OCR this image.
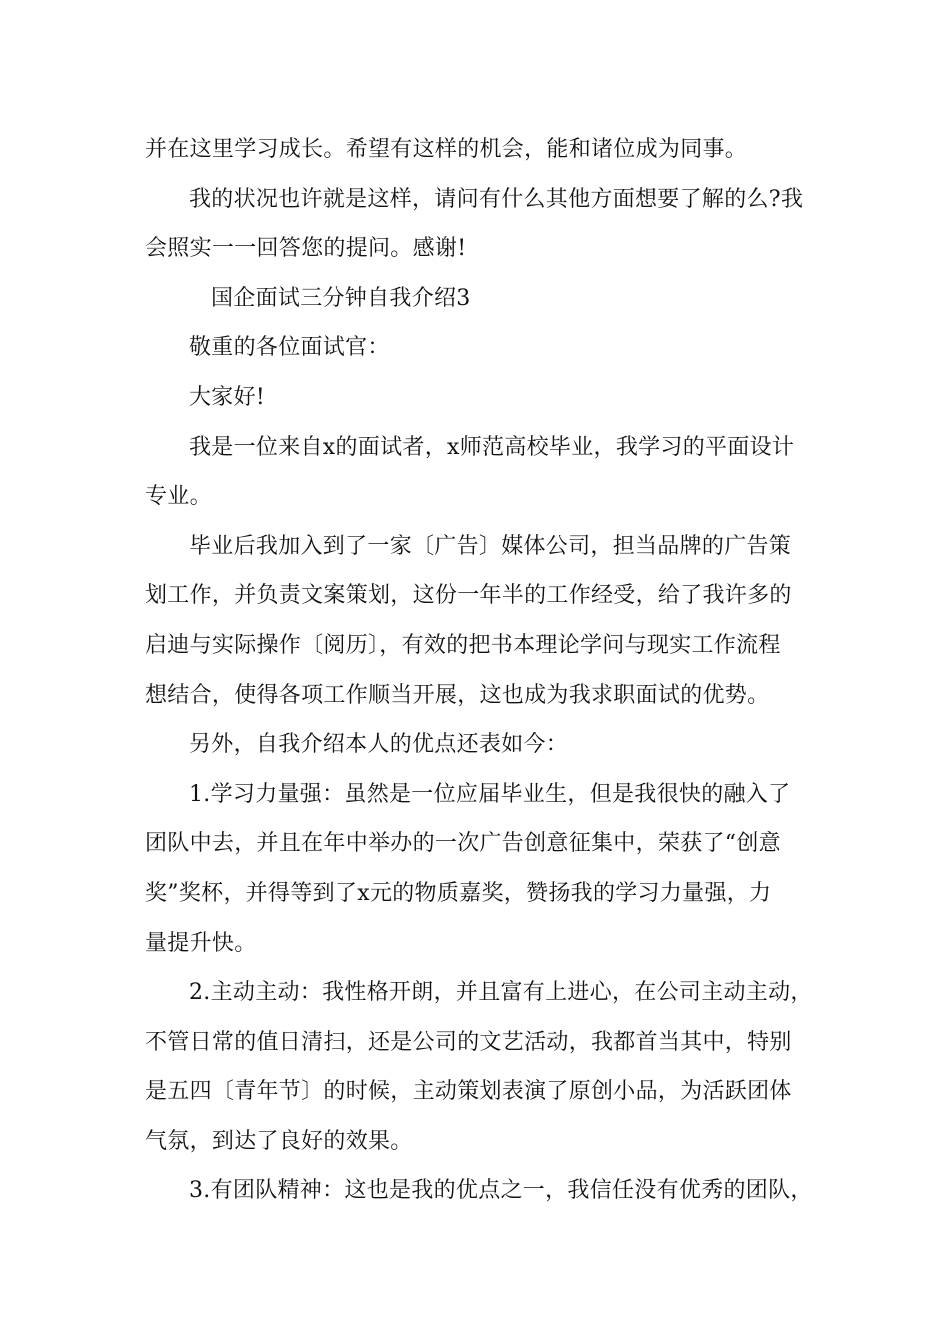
并在这里学习成长。希望有这样的机会，能和诸位成为同事。
我的状况也许就是这样，请问有什么其他方面想要了解的么?我
会照实一一回答您的提问。感谢!
国企面试三分钟自我介绍3
敬重的各位面试官：
大家好!
我是一位来自x的面试者，x师范高校毕业，我学习的平面设计
专业。
毕业后我加入到了一家〔广告〕媒体公司，担当品牌的广告策
划工作，并负责文案策划，这份一年半的工作经受，给了我许多的
启迪与实际操作〔阅历〕，有效的把书本理论学问与现实工作流程
想结合，使得各项工作顺当开展，这也成为我求职面试的优势。
另外，自我介绍本人的优点还表如今：
1.学习力量强：虽然是一位应届毕业生，但是我很快的融入了
团队中去，并且在年中举办的一次广告创意征集中，荣获了“创意
奖”奖杯，并得等到了x元的物质嘉奖，赞扬我的学习力量强，力
量提升快。
2.主动主动：我性格开朗，并且富有上进心，在公司主动主动，
不管日常的值日清扫，还是公司的文艺活动，我都首当其中，特别
是五四〔青年节〕的时候，主动策划表演了原创小品，为活跃团体
气氛，到达了良好的效果。
3.有团队精神：这也是我的优点之一，我信任没有优秀的团队，
